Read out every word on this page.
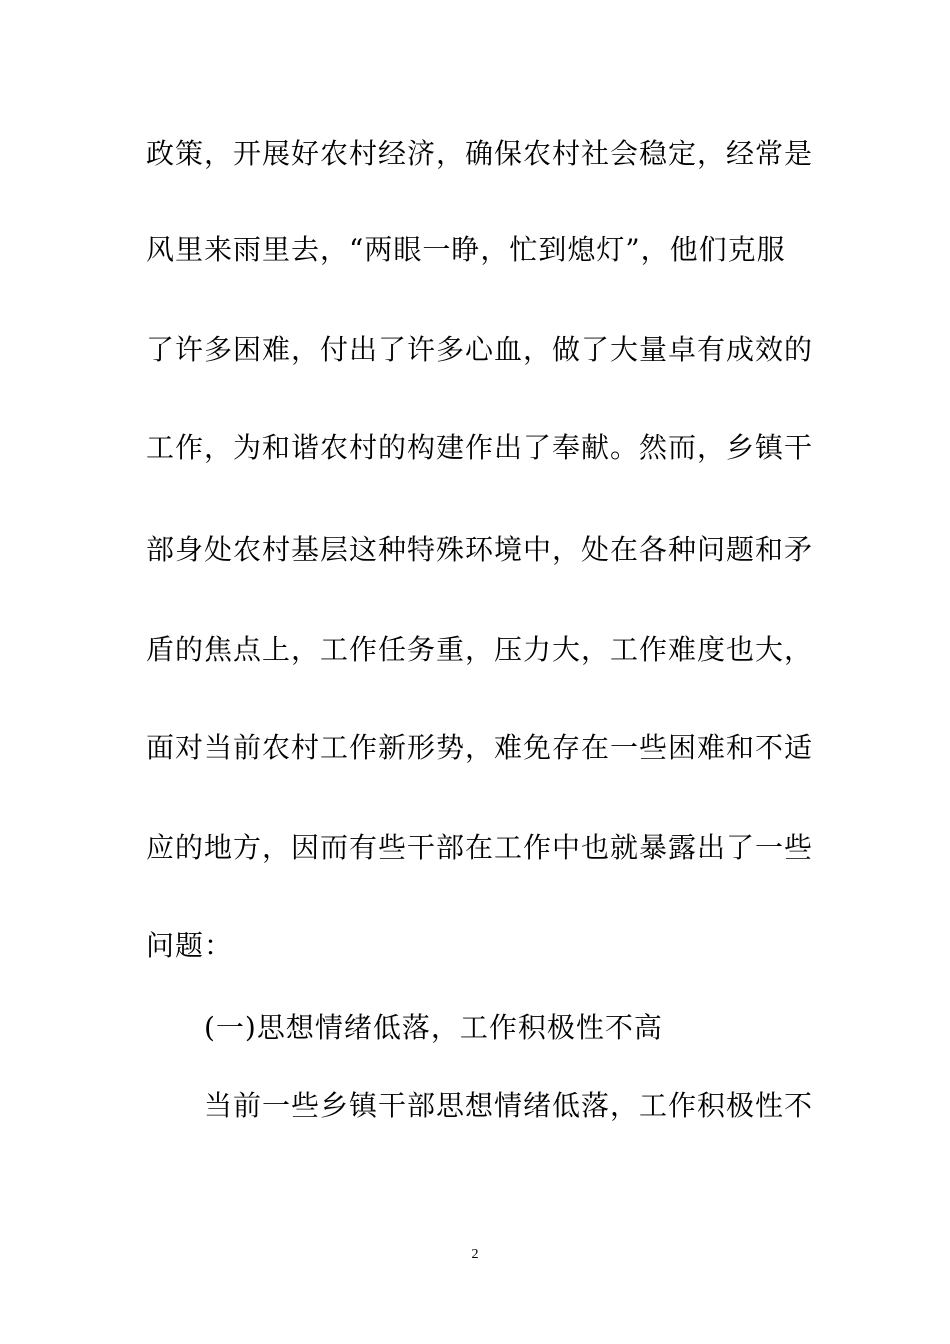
政策，开展好农村经济，确保农村社会稳定，经常是
风里来雨里去，“两眼一睁，忙到熄灯”，他们克服
了许多困难，付出了许多心血，做了大量卓有成效的
工作，为和谐农村的构建作出了奉献。然而，乡镇干
部身处农村基层这种特殊环境中，处在各种问题和矛
盾的焦点上，工作任务重，压力大，工作难度也大，
面对当前农村工作新形势，难免存在一些困难和不适
应的地方，因而有些干部在工作中也就暴露出了一些
问题：
(一)思想情绪低落，工作积极性不高
当前一些乡镇干部思想情绪低落，工作积极性不
2
